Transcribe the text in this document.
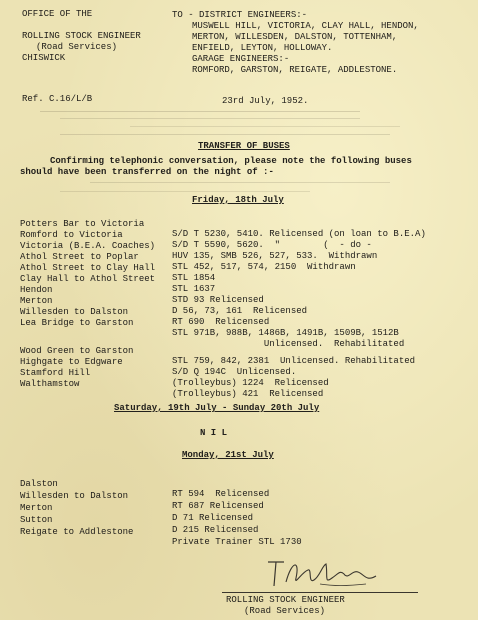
OFFICE OF THE
ROLLING STOCK ENGINEER
(Road Services)
CHISWICK
TO - DISTRICT ENGINEERS:-
MUSWELL HILL, VICTORIA, CLAY HALL, HENDON,
MERTON, WILLESDEN, DALSTON, TOTTENHAM,
ENFIELD, LEYTON, HOLLOWAY.
GARAGE ENGINEERS:-
ROMFORD, GARSTON, REIGATE, ADDLESTONE.
Ref. C.16/L/B	23rd July, 1952.
TRANSFER OF BUSES
Confirming telephonic conversation, please note the following buses
should have been transferred on the night of :-
Friday, 18th July

Potters Bar to Victoria

S/D T 5230, 5410. Relicensed (on loan to B.E.A)

Romford to Victoria

S/D T 5590, 5620.  "        (  - do -

Victoria (B.E.A. Coaches)

HUV 135, SMB 526, 527, 533.  Withdrawn

Athol Street to Poplar

STL 452, 517, 574, 2150  Withdrawn

Athol Street to Clay Hall

STL 1854

Clay Hall to Athol Street

STL 1637

Hendon

STD 93 Relicensed

Merton

D 56, 73, 161  Relicensed

Willesden to Dalston

RT 690  Relicensed

Lea Bridge to Garston

STL 971B, 988B, 1486B, 1491B, 1509B, 1512B

Unlicensed.  Rehabilitated

Wood Green to Garston

STL 759, 842, 2381  Unlicensed. Rehabilitated

Highgate to Edgware

S/D Q 194C  Unlicensed.

Stamford Hill

(Trolleybus) 1224  Relicensed

Walthamstow

(Trolleybus) 421  Relicensed

Saturday, 19th July - Sunday 20th July
N I L
Monday, 21st July

Dalston

RT 594  Relicensed

Willesden to Dalston

RT 687 Relicensed

Merton

D 71 Relicensed

Sutton

D 215 Relicensed

Reigate to Addlestone

Private Trainer STL 1730

ROLLING STOCK ENGINEER
(Road Services)
